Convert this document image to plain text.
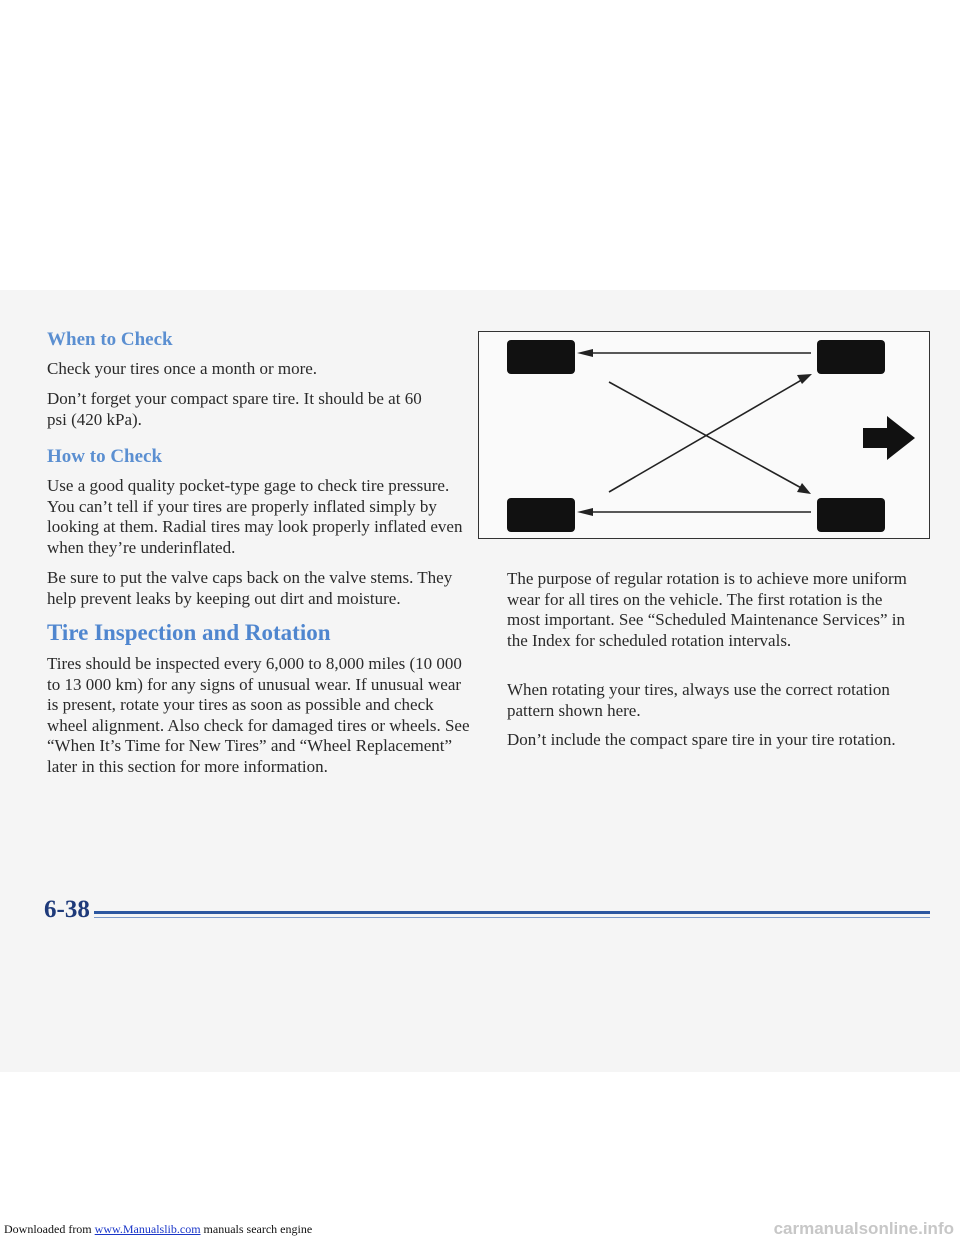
When to Check

Check your tires once a month or more.

Don’t forget your compact spare tire. It should be at 60 psi (420 kPa).

How to Check

Use a good quality pocket-type gage to check tire pressure. You can’t tell if your tires are properly inflated simply by looking at them. Radial tires may look properly inflated even when they’re underinflated.

Be sure to put the valve caps back on the valve stems. They help prevent leaks by keeping out dirt and moisture.

Tire Inspection and Rotation

Tires should be inspected every 6,000 to 8,000 miles (10 000 to 13 000 km) for any signs of unusual wear. If unusual wear is present, rotate your tires as soon as possible and check wheel alignment. Also check for damaged tires or wheels. See “When It’s Time for New Tires” and “Wheel Replacement” later in this section for more information.

The purpose of regular rotation is to achieve more uniform wear for all tires on the vehicle. The first rotation is the most important. See “Scheduled Maintenance Services” in the Index for scheduled rotation intervals.

When rotating your tires, always use the correct rotation pattern shown here.

Don’t include the compact spare tire in your tire rotation.

6-38

Downloaded from www.Manualslib.com manuals search engine	carmanualsonline.info
